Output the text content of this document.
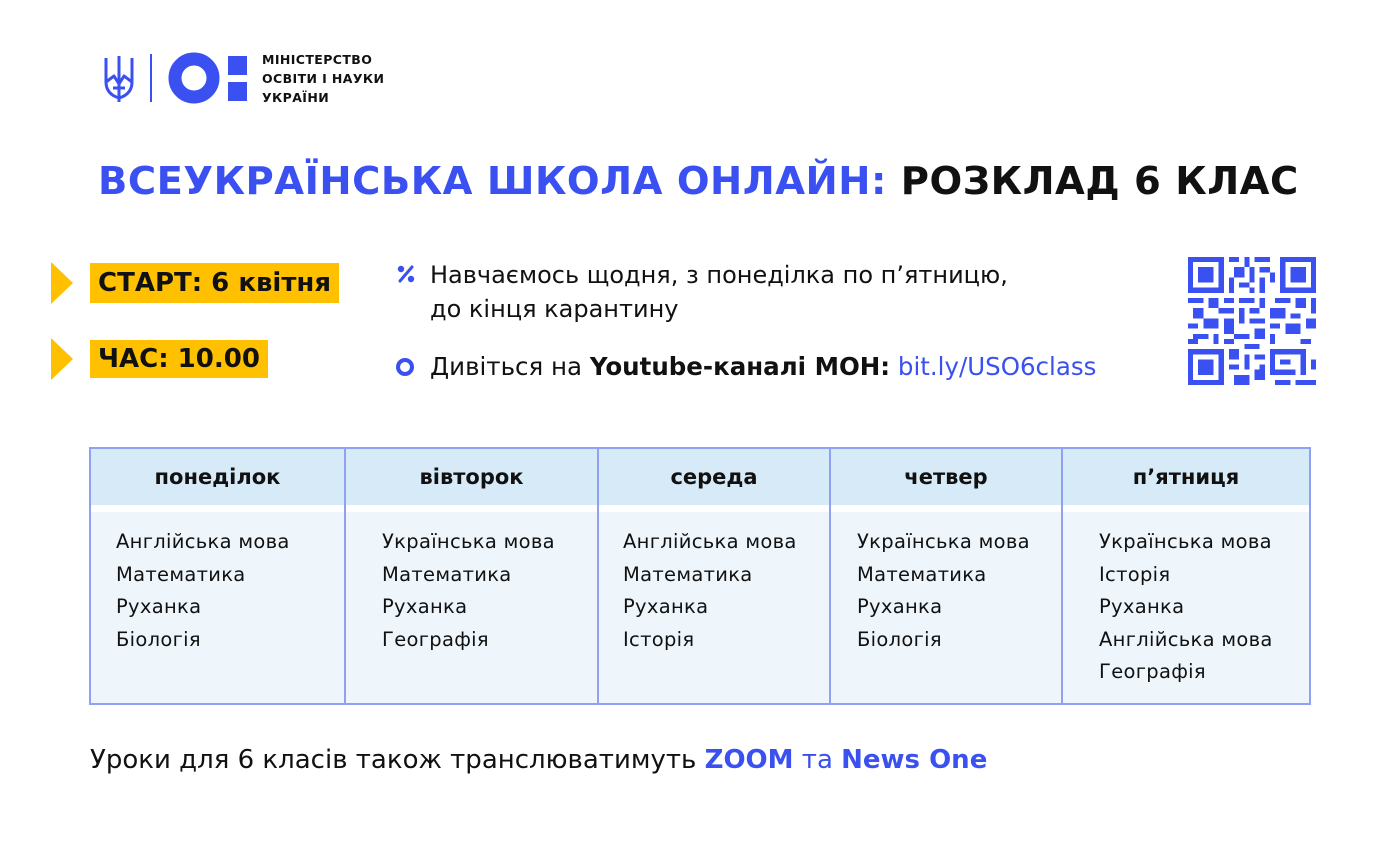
МІНІСТЕРСТВО
ОСВІТИ І НАУКИ
УКРАЇНИ
ВСЕУКРАЇНСЬКА ШКОЛА ОНЛАЙН: РОЗКЛАД 6 КЛАС
СТАРТ: 6 квітня
ЧАС: 10.00
Навчаємось щодня, з понеділка по п’ятницю,
до кінця карантину
Дивіться на Youtube-каналі МОН: bit.ly/USO6class
понеділок
Англійська мова
Математика
Руханка
Біологія
вівторок
Українська мова
Математика
Руханка
Географія
середа
Англійська мова
Математика
Руханка
Історія
четвер
Українська мова
Математика
Руханка
Біологія
п’ятниця
Українська мова
Історія
Руханка
Англійська мова
Географія
Уроки для 6 класів також транслюватимуть ZOOM та News One
